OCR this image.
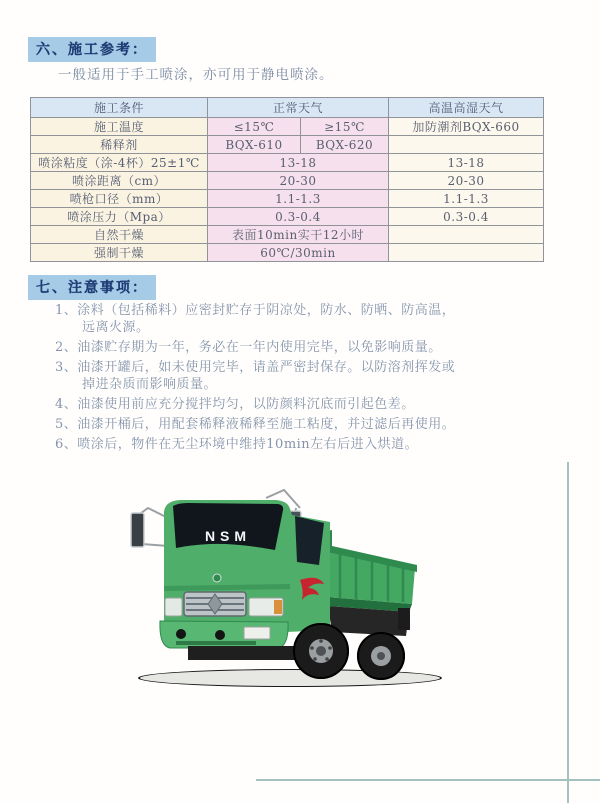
六、施工参考：

一般适用于手工喷涂，亦可用于静电喷涂。

施工条件	正常天气		高温高湿天气
施工温度	≤15℃	≥15℃	加防潮剂BQX-660
稀释剂	BQX-610	BQX-620	
喷涂粘度（涂-4杯）25±1℃	13-18		13-18
喷涂距离（cm）	20-30		20-30
喷枪口径（mm）	1.1-1.3		1.1-1.3
喷涂压力（Mpa）	0.3-0.4		0.3-0.4
自然干燥	表面10min实干12小时		
强制干燥	60℃/30min		
七、注意事项：
1、涂料（包括稀料）应密封贮存于阴凉处，防水、防晒、防高温，远离火源。
2、油漆贮存期为一年，务必在一年内使用完毕，以免影响质量。
3、油漆开罐后，如未使用完毕，请盖严密封保存。以防溶剂挥发或掉进杂质而影响质量。
4、油漆使用前应充分搅拌均匀，以防颜料沉底而引起色差。
5、油漆开桶后，用配套稀释液稀释至施工粘度，并过滤后再使用。
6、喷涂后，物件在无尘环境中维持10min左右后进入烘道。
NSM
